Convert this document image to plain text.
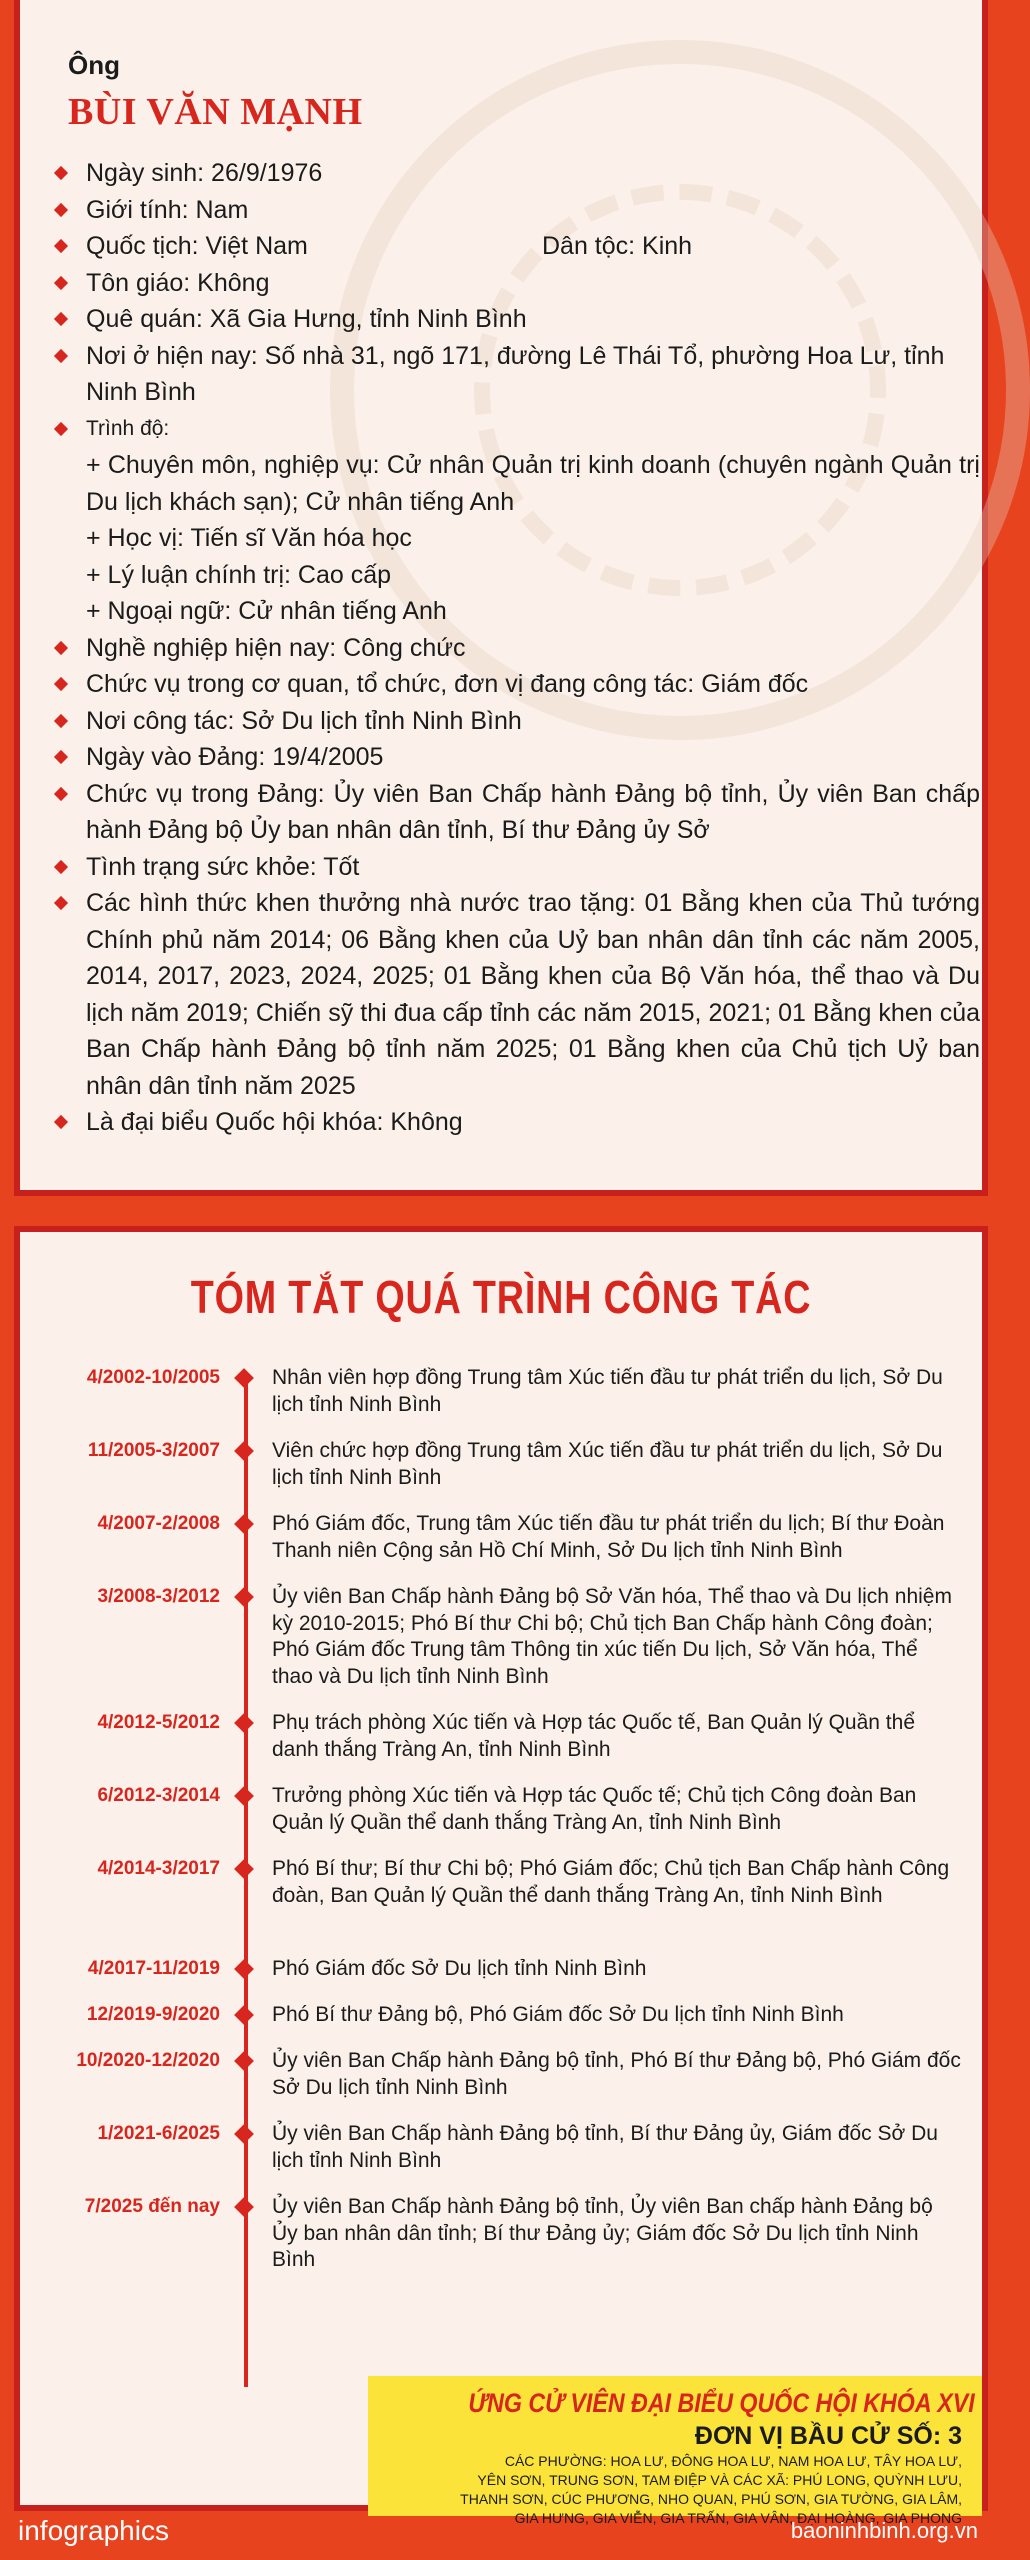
Ông
BÙI VĂN MẠNH
Ngày sinh: 26/9/1976
Giới tính: Nam
Quốc tịch: Việt Nam	Dân tộc: Kinh
Tôn giáo: Không
Quê quán: Xã Gia Hưng, tỉnh Ninh Bình
Nơi ở hiện nay: Số nhà 31, ngõ 171, đường Lê Thái Tổ, phường Hoa Lư, tỉnh Ninh Bình
Trình độ:
+ Chuyên môn, nghiệp vụ: Cử nhân Quản trị kinh doanh (chuyên ngành Quản trị Du lịch khách sạn); Cử nhân tiếng Anh
+ Học vị: Tiến sĩ Văn hóa học
+ Lý luận chính trị: Cao cấp
+ Ngoại ngữ: Cử nhân tiếng Anh
Nghề nghiệp hiện nay: Công chức
Chức vụ trong cơ quan, tổ chức, đơn vị đang công tác: Giám đốc
Nơi công tác: Sở Du lịch tỉnh Ninh Bình
Ngày vào Đảng: 19/4/2005
Chức vụ trong Đảng: Ủy viên Ban Chấp hành Đảng bộ tỉnh, Ủy viên Ban chấp hành Đảng bộ Ủy ban nhân dân tỉnh, Bí thư Đảng ủy Sở
Tình trạng sức khỏe: Tốt
Các hình thức khen thưởng nhà nước trao tặng: 01 Bằng khen của Thủ tướng Chính phủ năm 2014; 06 Bằng khen của Uỷ ban nhân dân tỉnh các năm 2005, 2014, 2017, 2023, 2024, 2025; 01 Bằng khen của Bộ Văn hóa, thể thao và Du lịch năm 2019; Chiến sỹ thi đua cấp tỉnh các năm 2015, 2021; 01 Bằng khen của Ban Chấp hành Đảng bộ tỉnh năm 2025; 01 Bằng khen của Chủ tịch Uỷ ban nhân dân tỉnh năm 2025
Là đại biểu Quốc hội khóa: Không
TÓM TẮT QUÁ TRÌNH CÔNG TÁC
4/2002-10/2005 Nhân viên hợp đồng Trung tâm Xúc tiến đầu tư phát triển du lịch, Sở Du lịch tỉnh Ninh Bình
11/2005-3/2007 Viên chức hợp đồng Trung tâm Xúc tiến đầu tư phát triển du lịch, Sở Du lịch tỉnh Ninh Bình
4/2007-2/2008 Phó Giám đốc, Trung tâm Xúc tiến đầu tư phát triển du lịch; Bí thư Đoàn Thanh niên Cộng sản Hồ Chí Minh, Sở Du lịch tỉnh Ninh Bình
3/2008-3/2012 Ủy viên Ban Chấp hành Đảng bộ Sở Văn hóa, Thể thao và Du lịch nhiệm kỳ 2010-2015; Phó Bí thư Chi bộ; Chủ tịch Ban Chấp hành Công đoàn; Phó Giám đốc Trung tâm Thông tin xúc tiến Du lịch, Sở Văn hóa, Thể thao và Du lịch tỉnh Ninh Bình
4/2012-5/2012 Phụ trách phòng Xúc tiến và Hợp tác Quốc tế, Ban Quản lý Quần thể danh thắng Tràng An, tỉnh Ninh Bình
6/2012-3/2014 Trưởng phòng Xúc tiến và Hợp tác Quốc tế; Chủ tịch Công đoàn Ban Quản lý Quần thể danh thắng Tràng An, tỉnh Ninh Bình
4/2014-3/2017 Phó Bí thư; Bí thư Chi bộ; Phó Giám đốc; Chủ tịch Ban Chấp hành Công đoàn, Ban Quản lý Quần thể danh thắng Tràng An, tỉnh Ninh Bình
4/2017-11/2019 Phó Giám đốc Sở Du lịch tỉnh Ninh Bình
12/2019-9/2020 Phó Bí thư Đảng bộ, Phó Giám đốc Sở Du lịch tỉnh Ninh Bình
10/2020-12/2020 Ủy viên Ban Chấp hành Đảng bộ tỉnh, Phó Bí thư Đảng bộ, Phó Giám đốc Sở Du lịch tỉnh Ninh Bình
1/2021-6/2025 Ủy viên Ban Chấp hành Đảng bộ tỉnh, Bí thư Đảng ủy, Giám đốc Sở Du lịch tỉnh Ninh Bình
7/2025 đến nay Ủy viên Ban Chấp hành Đảng bộ tỉnh, Ủy viên Ban chấp hành Đảng bộ Ủy ban nhân dân tỉnh; Bí thư Đảng ủy; Giám đốc Sở Du lịch tỉnh Ninh Bình
ỨNG CỬ VIÊN ĐẠI BIỂU QUỐC HỘI KHÓA XVI
ĐƠN VỊ BẦU CỬ SỐ: 3
CÁC PHƯỜNG: HOA LƯ, ĐÔNG HOA LƯ, NAM HOA LƯ, TÂY HOA LƯ,
YÊN SƠN, TRUNG SƠN, TAM ĐIỆP VÀ CÁC XÃ: PHÚ LONG, QUỲNH LƯU,
THANH SƠN, CÚC PHƯƠNG, NHO QUAN, PHÚ SƠN, GIA TƯỜNG, GIA LÂM,
GIA HƯNG, GIA VIỄN, GIA TRẤN, GIA VÂN, ĐẠI HOÀNG, GIA PHONG
infographics	baoninhbinh.org.vn
